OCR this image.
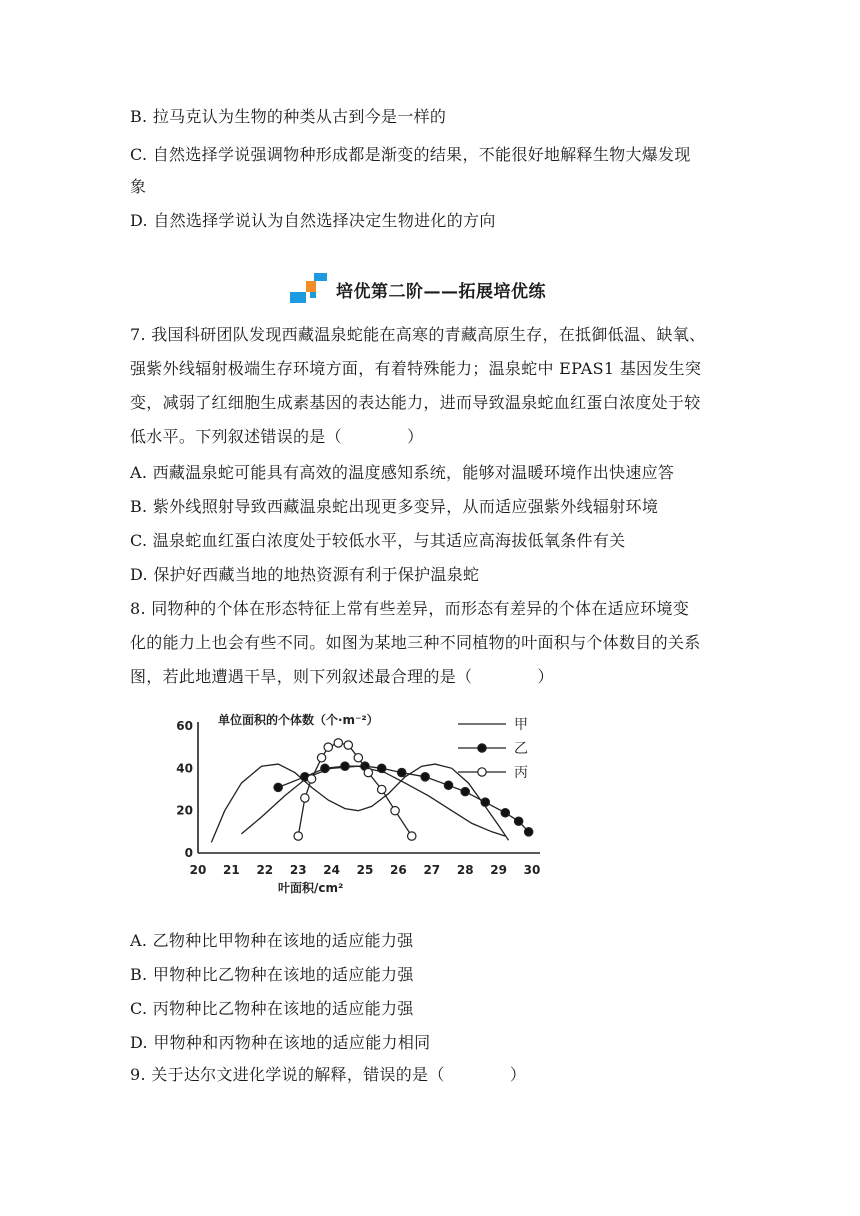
B. 拉马克认为生物的种类从古到今是一样的
C. 自然选择学说强调物种形成都是渐变的结果，不能很好地解释生物大爆发现
象
D. 自然选择学说认为自然选择决定生物进化的方向
培优第二阶——拓展培优练
7. 我国科研团队发现西藏温泉蛇能在高寒的青藏高原生存，在抵御低温、缺氧、
强紫外线辐射极端生存环境方面，有着特殊能力；温泉蛇中 EPAS1 基因发生突
变，减弱了红细胞生成素基因的表达能力，进而导致温泉蛇血红蛋白浓度处于较
低水平。下列叙述错误的是（　　　　）
A. 西藏温泉蛇可能具有高效的温度感知系统，能够对温暖环境作出快速应答
B. 紫外线照射导致西藏温泉蛇出现更多变异，从而适应强紫外线辐射环境
C. 温泉蛇血红蛋白浓度处于较低水平，与其适应高海拔低氧条件有关
D. 保护好西藏当地的地热资源有利于保护温泉蛇
8. 同物种的个体在形态特征上常有些差异，而形态有差异的个体在适应环境变
化的能力上也会有些不同。如图为某地三种不同植物的叶面积与个体数目的关系
图，若此地遭遇干旱，则下列叙述最合理的是（　　　　）
单位面积的个体数（个·m⁻²）
叶面积/cm²
20 21 22 23 24 25 26 27 28 29 30
0
20
40
60	甲
乙
丙
A. 乙物种比甲物种在该地的适应能力强
B. 甲物种比乙物种在该地的适应能力强
C. 丙物种比乙物种在该地的适应能力强
D. 甲物种和丙物种在该地的适应能力相同
9. 关于达尔文进化学说的解释，错误的是（　　　　）
